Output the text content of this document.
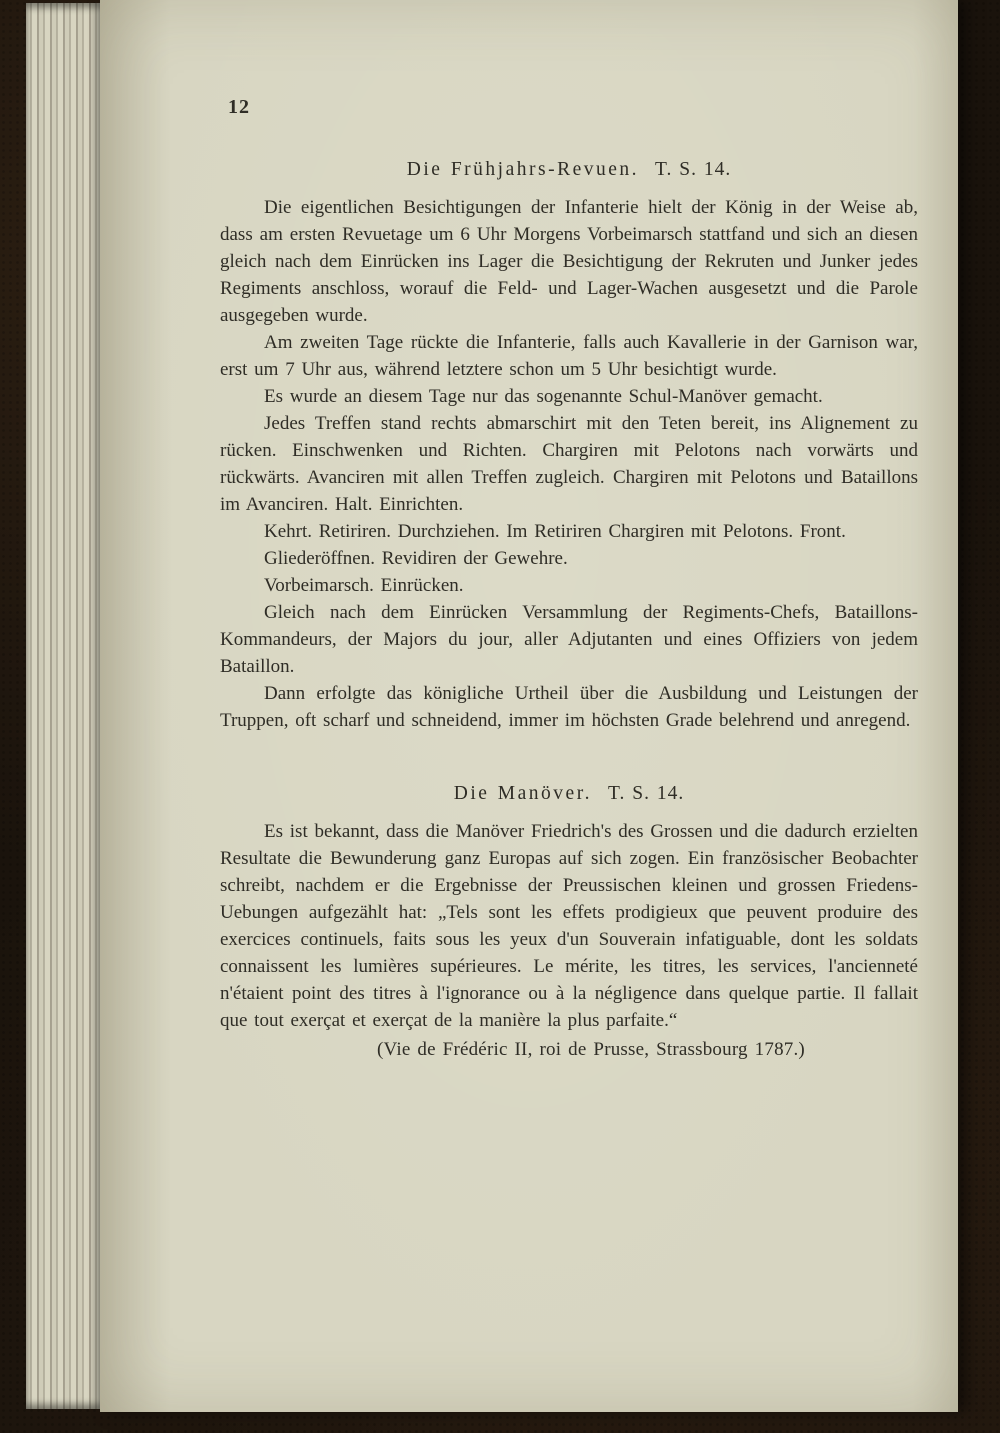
12
Die Frühjahrs-Revuen. T. S. 14.

Die eigentlichen Besichtigungen der Infanterie hielt der König in der Weise ab, dass am ersten Revuetage um 6 Uhr Morgens Vorbeimarsch stattfand und sich an diesen gleich nach dem Einrücken ins Lager die Besichtigung der Rekruten und Junker jedes Regiments anschloss, worauf die Feld- und Lager-Wachen ausgesetzt und die Parole ausgegeben wurde.

Am zweiten Tage rückte die Infanterie, falls auch Kavallerie in der Garnison war, erst um 7 Uhr aus, während letztere schon um 5 Uhr besichtigt wurde.

Es wurde an diesem Tage nur das sogenannte Schul-Manöver gemacht.

Jedes Treffen stand rechts abmarschirt mit den Teten bereit, ins Alignement zu rücken. Einschwenken und Richten. Chargiren mit Pelotons nach vorwärts und rückwärts. Avanciren mit allen Treffen zugleich. Chargiren mit Pelotons und Bataillons im Avanciren. Halt. Einrichten.

Kehrt. Retiriren. Durchziehen. Im Retiriren Chargiren mit Pelotons. Front.

Gliederöffnen. Revidiren der Gewehre.

Vorbeimarsch. Einrücken.

Gleich nach dem Einrücken Versammlung der Regiments-Chefs, Bataillons-Kommandeurs, der Majors du jour, aller Adjutanten und eines Offiziers von jedem Bataillon.

Dann erfolgte das königliche Urtheil über die Ausbildung und Leistungen der Truppen, oft scharf und schneidend, immer im höchsten Grade belehrend und anregend.

Die Manöver. T. S. 14.

Es ist bekannt, dass die Manöver Friedrich's des Grossen und die dadurch erzielten Resultate die Bewunderung ganz Europas auf sich zogen. Ein französischer Beobachter schreibt, nachdem er die Ergebnisse der Preussischen kleinen und grossen Friedens-Uebungen aufgezählt hat: „Tels sont les effets prodigieux que peuvent produire des exercices continuels, faits sous les yeux d'un Souverain infatiguable, dont les soldats connaissent les lumières supérieures. Le mérite, les titres, les services, l'ancienneté n'étaient point des titres à l'ignorance ou à la négligence dans quelque partie. Il fallait que tout exerçat et exerçat de la manière la plus parfaite.“

(Vie de Frédéric II, roi de Prusse, Strassbourg 1787.)
